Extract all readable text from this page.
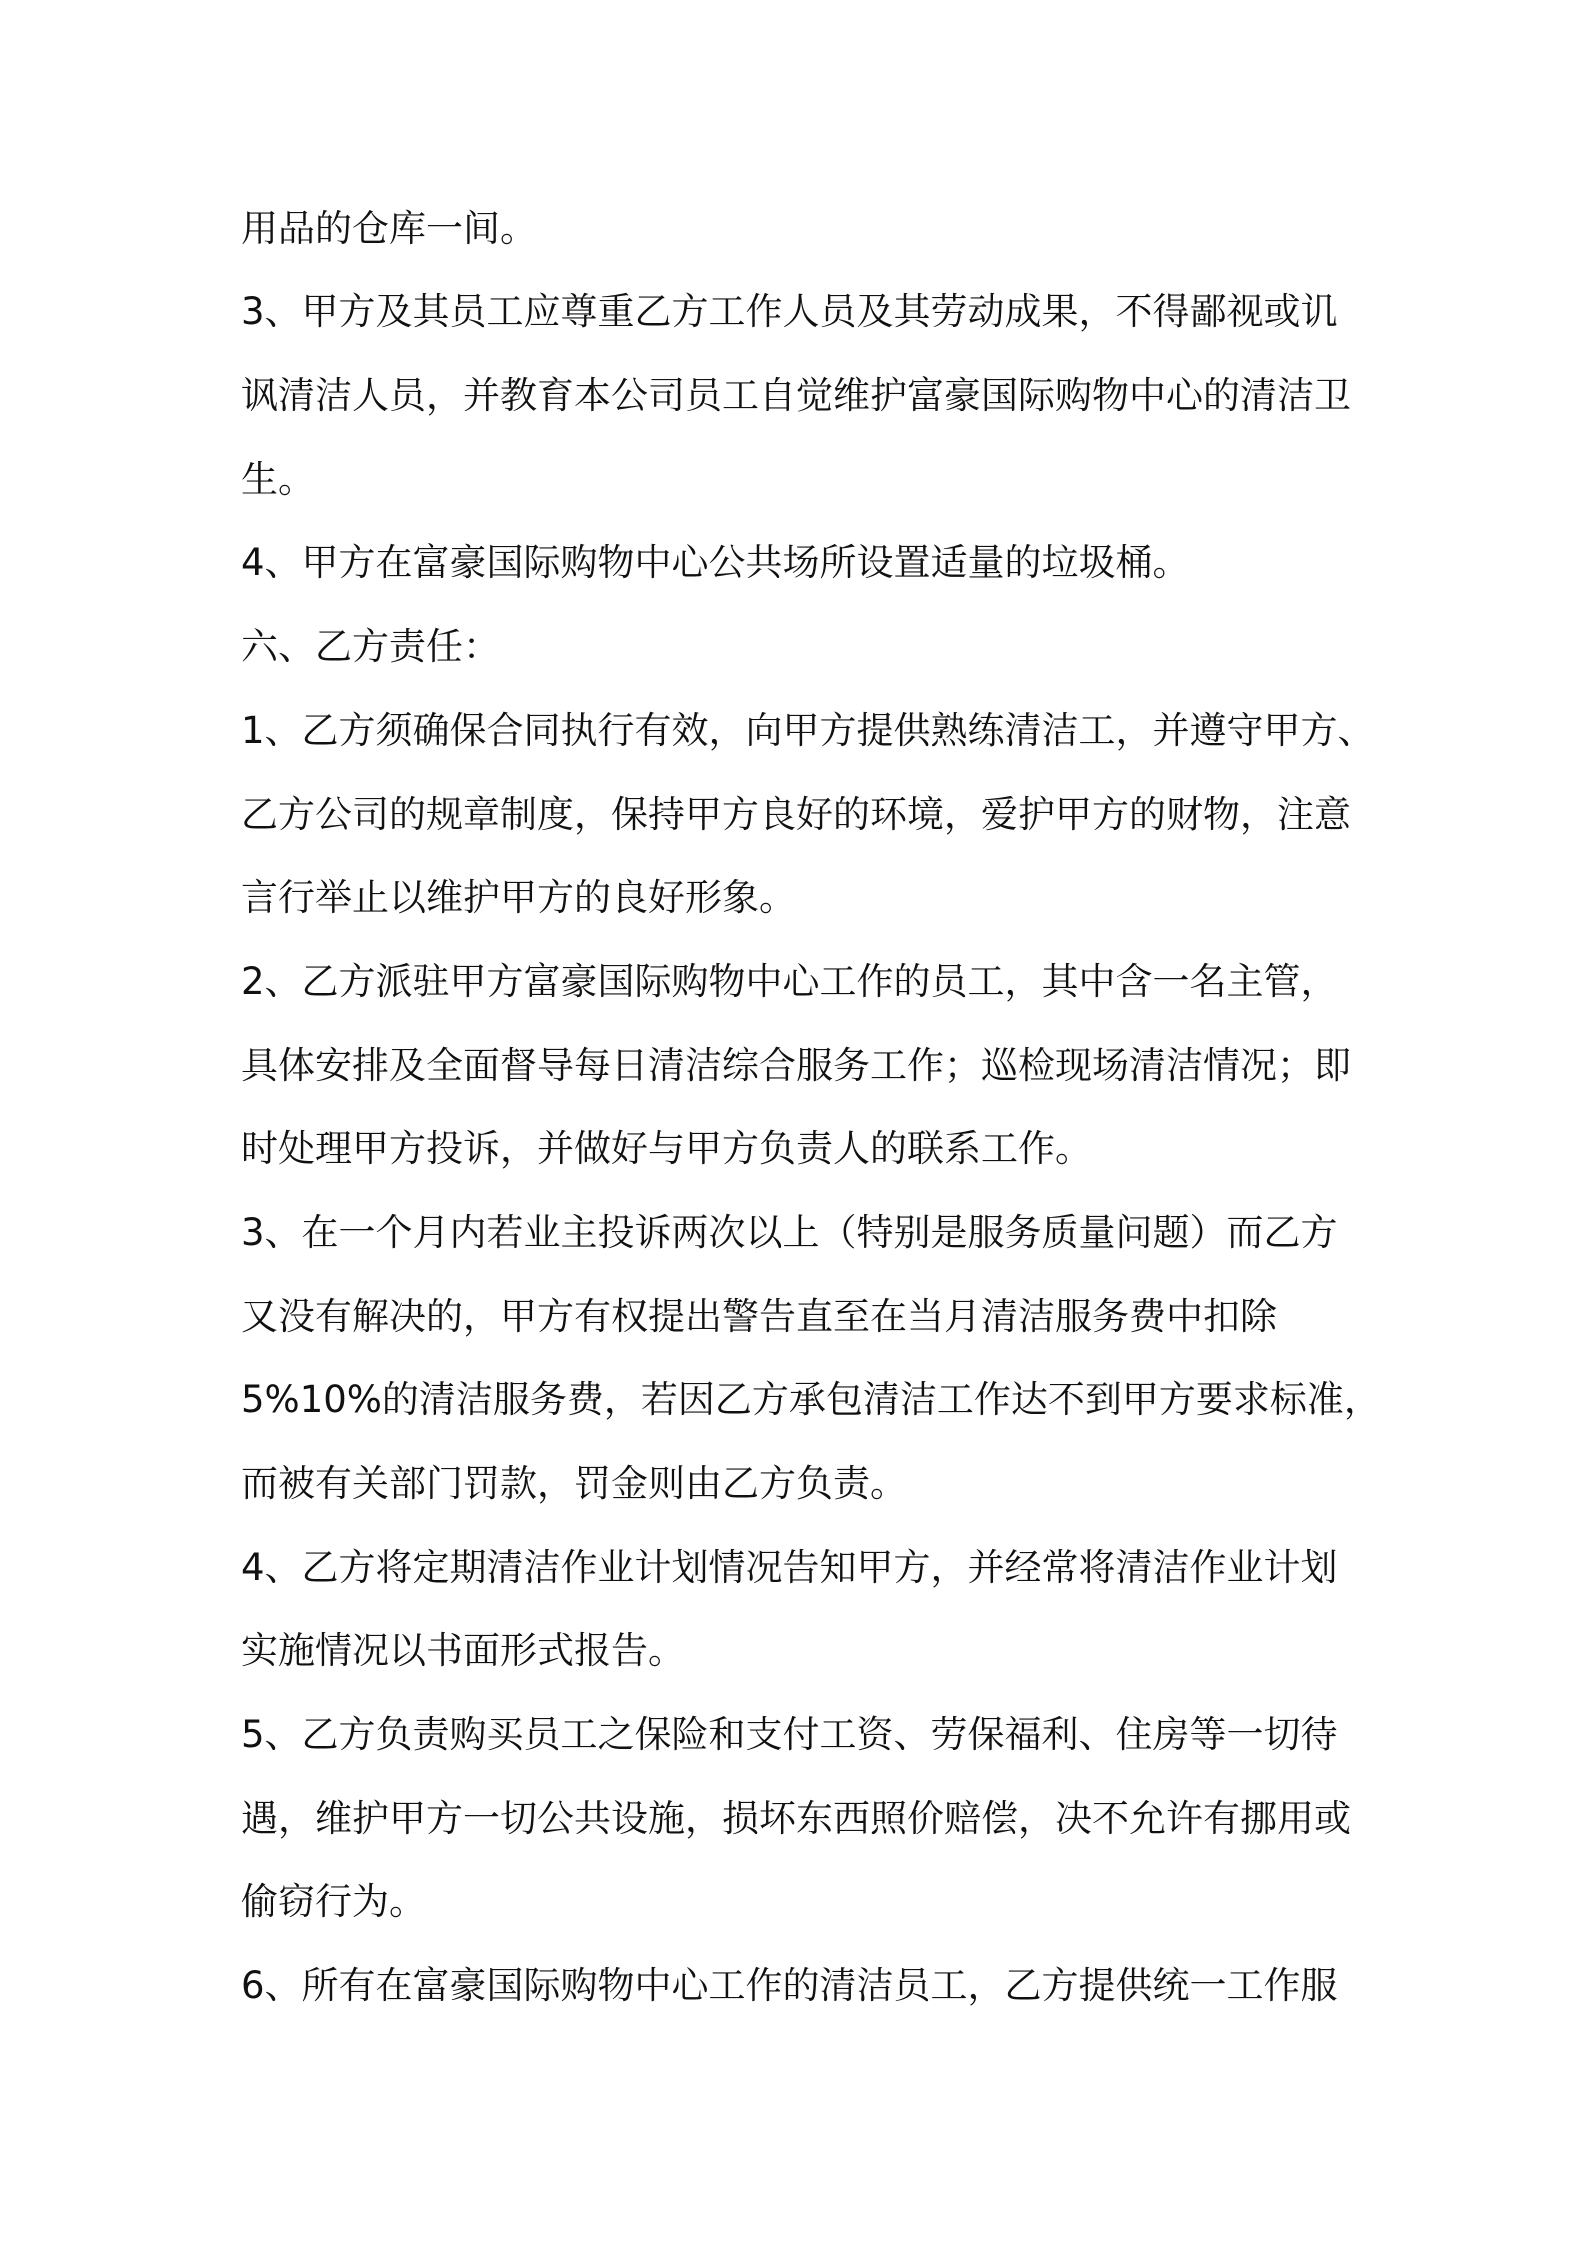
用品的仓库一间。
3、甲方及其员工应尊重乙方工作人员及其劳动成果，不得鄙视或讥
讽清洁人员，并教育本公司员工自觉维护富豪国际购物中心的清洁卫
生。
4、甲方在富豪国际购物中心公共场所设置适量的垃圾桶。
六、乙方责任：
1、乙方须确保合同执行有效，向甲方提供熟练清洁工，并遵守甲方、
乙方公司的规章制度，保持甲方良好的环境，爱护甲方的财物，注意
言行举止以维护甲方的良好形象。
2、乙方派驻甲方富豪国际购物中心工作的员工，其中含一名主管，
具体安排及全面督导每日清洁综合服务工作；巡检现场清洁情况；即
时处理甲方投诉，并做好与甲方负责人的联系工作。
3、在一个月内若业主投诉两次以上（特别是服务质量问题）而乙方
又没有解决的，甲方有权提出警告直至在当月清洁服务费中扣除
5%10%的清洁服务费，若因乙方承包清洁工作达不到甲方要求标准，
而被有关部门罚款，罚金则由乙方负责。
4、乙方将定期清洁作业计划情况告知甲方，并经常将清洁作业计划
实施情况以书面形式报告。
5、乙方负责购买员工之保险和支付工资、劳保福利、住房等一切待
遇，维护甲方一切公共设施，损坏东西照价赔偿，决不允许有挪用或
偷窃行为。
6、所有在富豪国际购物中心工作的清洁员工，乙方提供统一工作服
